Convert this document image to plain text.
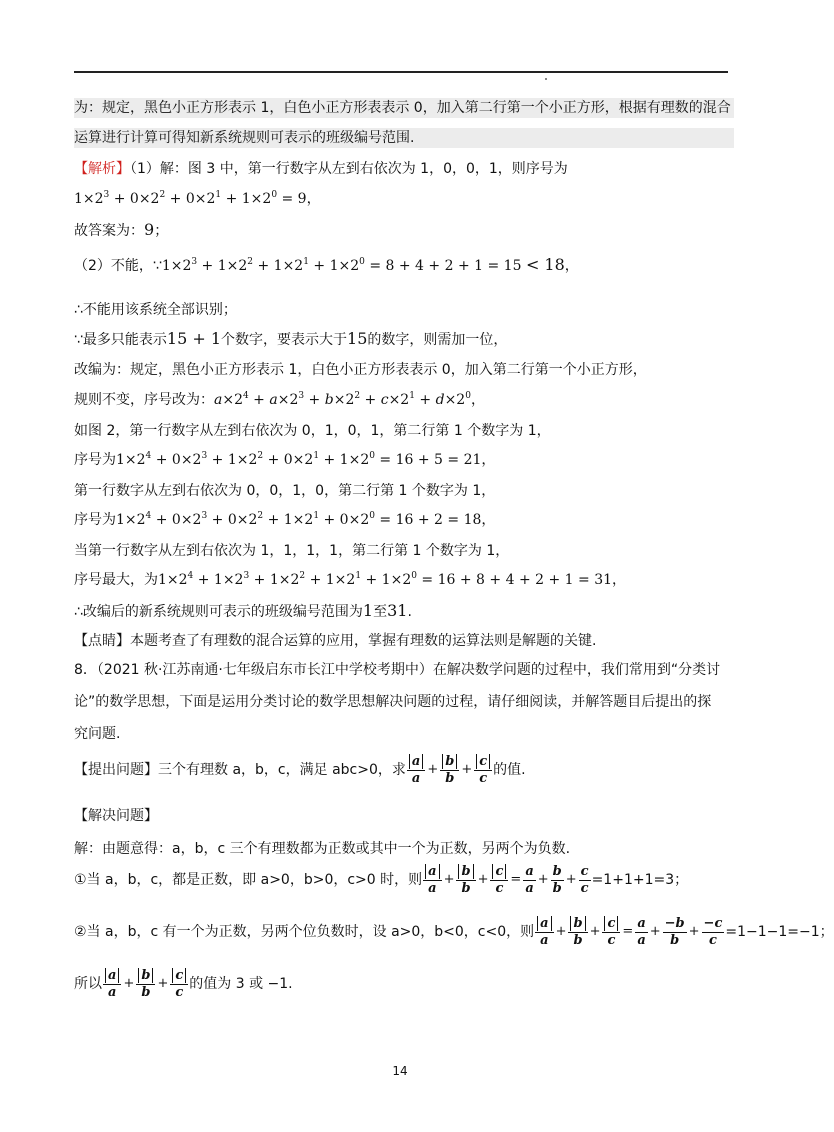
为：规定，黑色小正方形表示 1，白色小正方形表表示 0，加入第二行第一个小正方形，根据有理数的混合
运算进行计算可得知新系统规则可表示的班级编号范围.
【解析】（1）解：图 3 中，第一行数字从左到右依次为 1，0，0，1，则序号为
$1\times 2^3 + 0\times 2^2 + 0\times 2^1 + 1\times 2^0 = 9$，
故答案为：9；
（2）不能，$\because 1\times 2^3 + 1\times 2^2 + 1\times 2^1 + 1\times 2^0 = 8 + 4 + 2 + 1 = 15 < 18$，
∴不能用该系统全部识别；
∵最多只能表示15 + 1个数字，要表示大于15的数字，则需加一位，
改编为：规定，黑色小正方形表示 1，白色小正方形表表示 0，加入第二行第一个小正方形，
规则不变，序号改为：$a\times 2^4 + a\times 2^3 + b\times 2^2 + c\times 2^1 + d\times 2^0$，
如图 2，第一行数字从左到右依次为 0，1，0，1，第二行第 1 个数字为 1，
序号为$1\times 2^4 + 0\times 2^3 + 1\times 2^2 + 0\times 2^1 + 1\times 2^0 = 16 + 5 = 21$，
第一行数字从左到右依次为 0，0，1，0，第二行第 1 个数字为 1，
序号为$1\times 2^4 + 0\times 2^3 + 0\times 2^2 + 1\times 2^1 + 0\times 2^0 = 16 + 2 = 18$，
当第一行数字从左到右依次为 1，1，1，1，第二行第 1 个数字为 1，
序号最大，为$1\times 2^4 + 1\times 2^3 + 1\times 2^2 + 1\times 2^1 + 1\times 2^0 = 16 + 8 + 4 + 2 + 1 = 31$，
∴改编后的新系统规则可表示的班级编号范围为1至31.
【点睛】本题考查了有理数的混合运算的应用，掌握有理数的运算法则是解题的关键.
8．（2021 秋·江苏南通·七年级启东市长江中学校考期中）在解决数学问题的过程中，我们常用到“分类讨
论”的数学思想，下面是运用分类讨论的数学思想解决问题的过程，请仔细阅读，并解答题目后提出的探
究问题.
【提出问题】三个有理数 a，b，c，满足 abc>0，求 $\frac{a}{a} + \frac{b}{b} + \frac{c}{c}$ 的值.
【解决问题】
解：由题意得：a，b，c 三个有理数都为正数或其中一个为正数，另两个为负数.
①当 a，b，c，都是正数，即 a>0，b>0，c>0 时，则 $\frac{a}{a} + \frac{b}{b} + \frac{c}{c} = \frac{a}{a} + \frac{b}{b} + \frac{c}{c} =1+1+1=3$；
②当 a，b，c 有一个为正数，另两个位负数时，设 a>0，b<0，c<0，则 $\frac{a}{a} + \frac{b}{b} + \frac{c}{c} = \frac{a}{a} + \frac{-b}{b} + \frac{-c}{c} =1-1-1=-1$；
所以 $\frac{a}{a} + \frac{b}{b} + \frac{c}{c}$ 的值为 3 或 −1.
14
